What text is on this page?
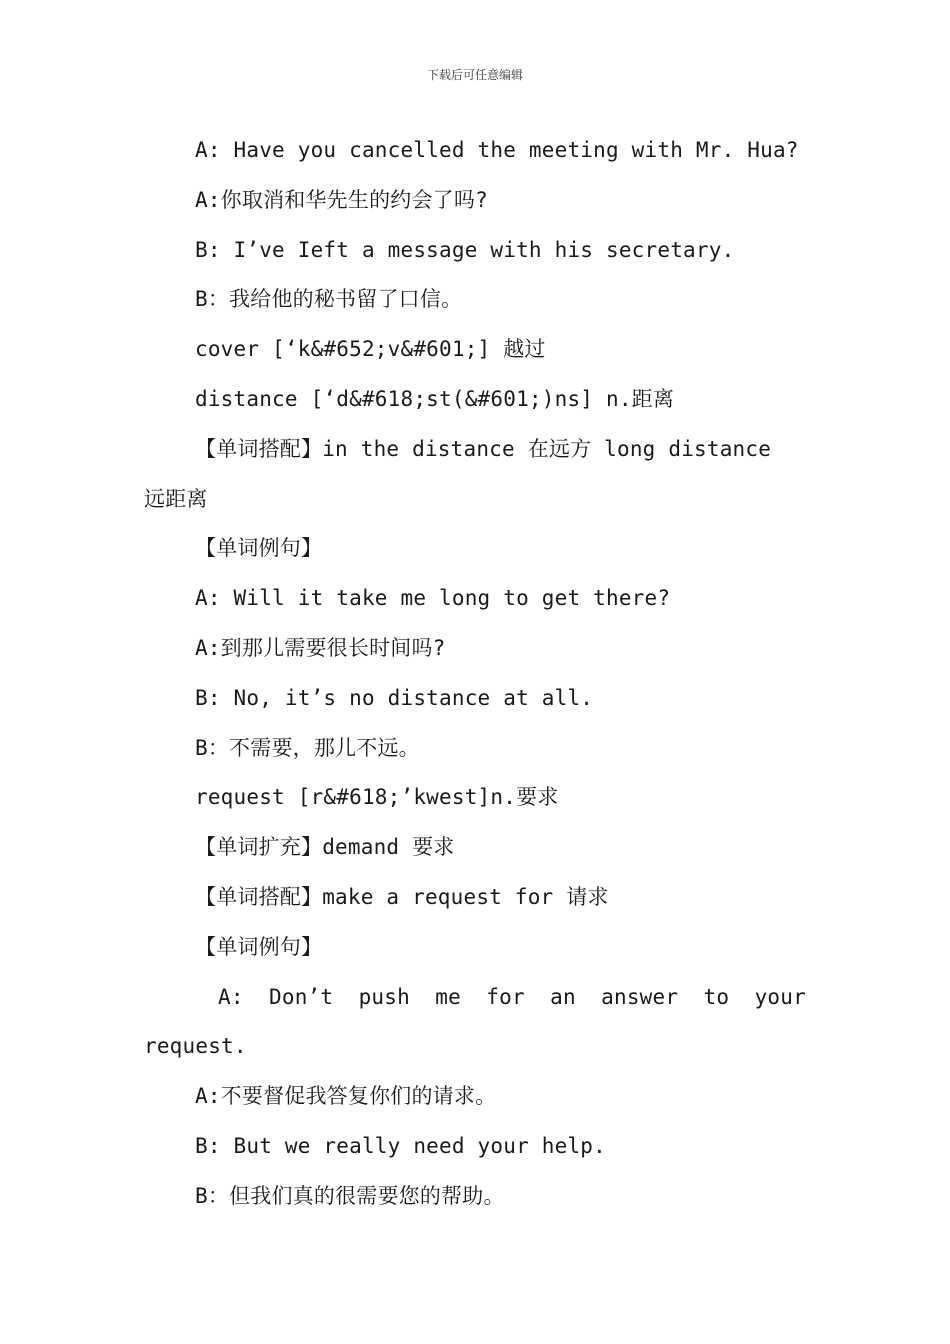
下载后可任意编辑
A: Have you cancelled the meeting with Mr. Hua?
A:你取消和华先生的约会了吗?
B: I’ve Ieft a message with his secretary.
B：我给他的秘书留了口信。
cover [‘k&#652;v&#601;] 越过
distance [‘d&#618;st(&#601;)ns] n.距离
【单词搭配】in the distance 在远方 long distance
远距离
【单词例句】
A: Will it take me long to get there?
A:到那儿需要很长时间吗?
B: No, it’s no distance at all.
B：不需要，那儿不远。
request [r&#618;’kwest]n.要求
【单词扩充】demand 要求
【单词搭配】make a request for 请求
【单词例句】
A: Don’t push me for an answer to your
request.
A:不要督促我答复你们的请求。
B: But we really need your help.
B：但我们真的很需要您的帮助。
